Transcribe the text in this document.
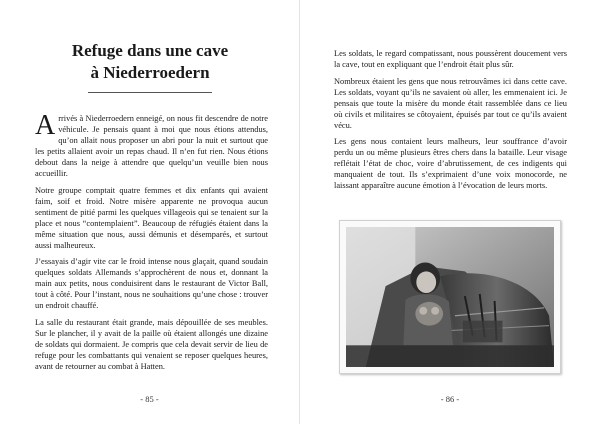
Refuge dans une cave
à Niederroedern

Arrivés à Niederroedern enneigé, on nous fit descendre de notre véhicule. Je pensais quant à moi que nous étions attendus, qu’on allait nous proposer un abri pour la nuit et surtout que les petits allaient avoir un repas chaud. Il n’en fut rien. Nous étions debout dans la neige à attendre que quelqu’un veuille bien nous accueillir.

Notre groupe comptait quatre femmes et dix enfants qui avaient faim, soif et froid. Notre misère apparente ne provoqua aucun sentiment de pitié parmi les quelques villageois qui se tenaient sur la place et nous “contemplaient”. Beaucoup de réfugiés étaient dans la même situation que nous, aussi démunis et désemparés, et surtout aussi malheureux.

J’essayais d’agir vite car le froid intense nous glaçait, quand soudain quelques soldats Allemands s’approchèrent de nous et, donnant la main aux petits, nous conduisirent dans le restaurant de Victor Ball, tout à côté. Pour l’instant, nous ne souhaitions qu’une chose : trouver un endroit chauffé.

La salle du restaurant était grande, mais dépouillée de ses meubles. Sur le plancher, il y avait de la paille où étaient allongés une dizaine de soldats qui dormaient. Je compris que cela devait servir de lieu de refuge pour les combattants qui venaient se reposer quelques heures, avant de retourner au combat à Hatten.

- 85 -

Les soldats, le regard compatissant, nous poussèrent doucement vers la cave, tout en expliquant que l’endroit était plus sûr.

Nombreux étaient les gens que nous retrouvâmes ici dans cette cave. Les soldats, voyant qu’ils ne savaient où aller, les emmenaient ici. Je pensais que toute la misère du monde était rassemblée dans ce lieu où civils et militaires se côtoyaient, épuisés par tout ce qu’ils avaient vécu.

Les gens nous contaient leurs malheurs, leur souffrance d’avoir perdu un ou même plusieurs êtres chers dans la bataille. Leur visage reflétait l’état de choc, voire d’abrutissement, de ces indigents qui manquaient de tout. Ils s’exprimaient d’une voix monocorde, ne laissant apparaître aucune émotion à l’évocation de leurs morts.

- 86 -
